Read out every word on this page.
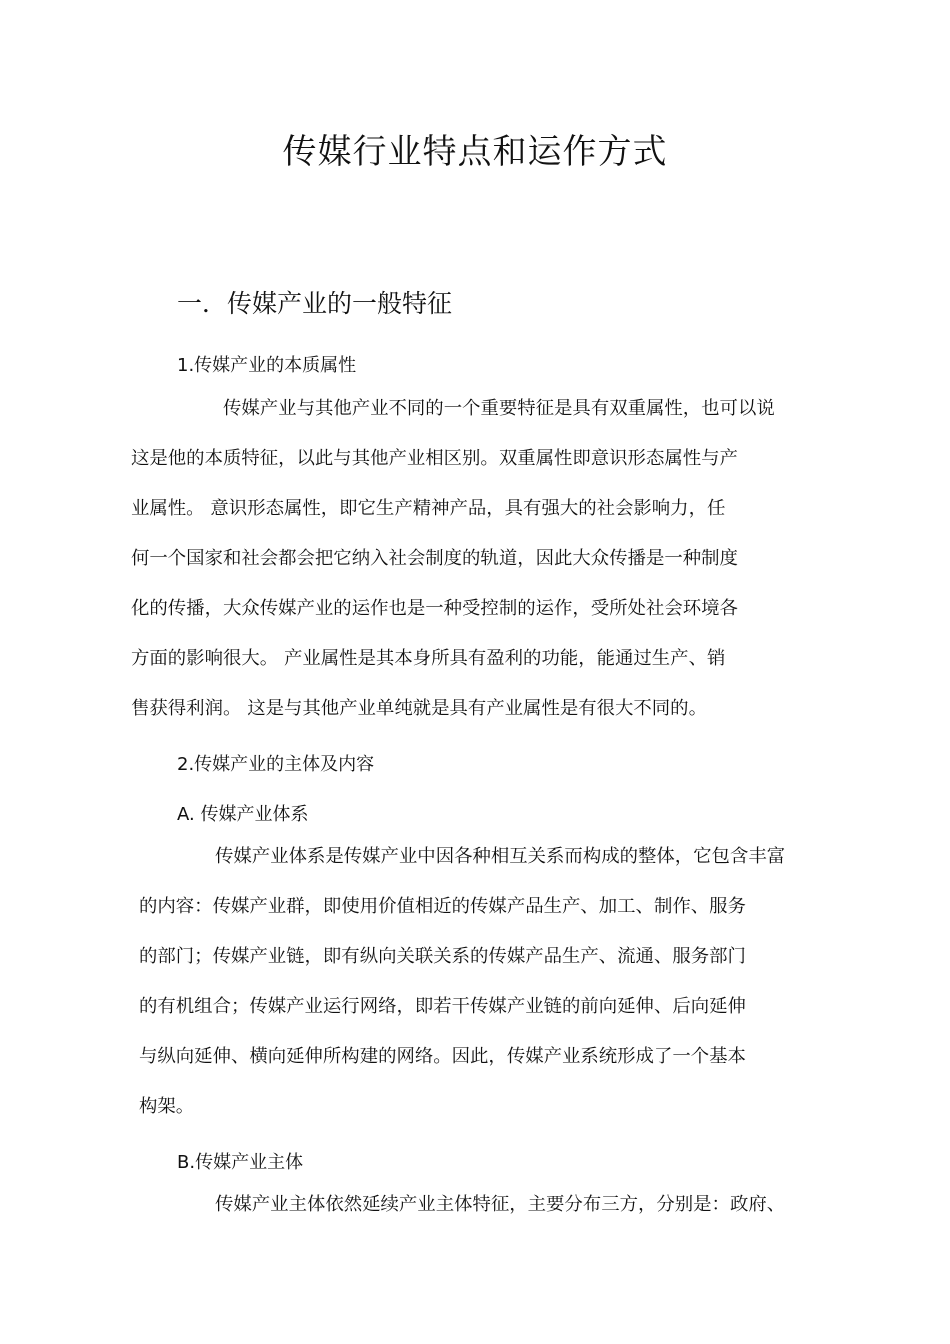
传媒行业特点和运作方式
一．传媒产业的一般特征
1.传媒产业的本质属性
传媒产业与其他产业不同的一个重要特征是具有双重属性，也可以说
这是他的本质特征，以此与其他产业相区别。双重属性即意识形态属性与产
业属性。 意识形态属性，即它生产精神产品，具有强大的社会影响力，任
何一个国家和社会都会把它纳入社会制度的轨道，因此大众传播是一种制度
化的传播，大众传媒产业的运作也是一种受控制的运作，受所处社会环境各
方面的影响很大。 产业属性是其本身所具有盈利的功能，能通过生产、销
售获得利润。 这是与其他产业单纯就是具有产业属性是有很大不同的。
2.传媒产业的主体及内容
A. 传媒产业体系
传媒产业体系是传媒产业中因各种相互关系而构成的整体，它包含丰富
的内容：传媒产业群，即使用价值相近的传媒产品生产、加工、制作、服务
的部门；传媒产业链，即有纵向关联关系的传媒产品生产、流通、服务部门
的有机组合；传媒产业运行网络，即若干传媒产业链的前向延伸、后向延伸
与纵向延伸、横向延伸所构建的网络。因此，传媒产业系统形成了一个基本
构架。
B.传媒产业主体
传媒产业主体依然延续产业主体特征，主要分布三方，分别是：政府、
